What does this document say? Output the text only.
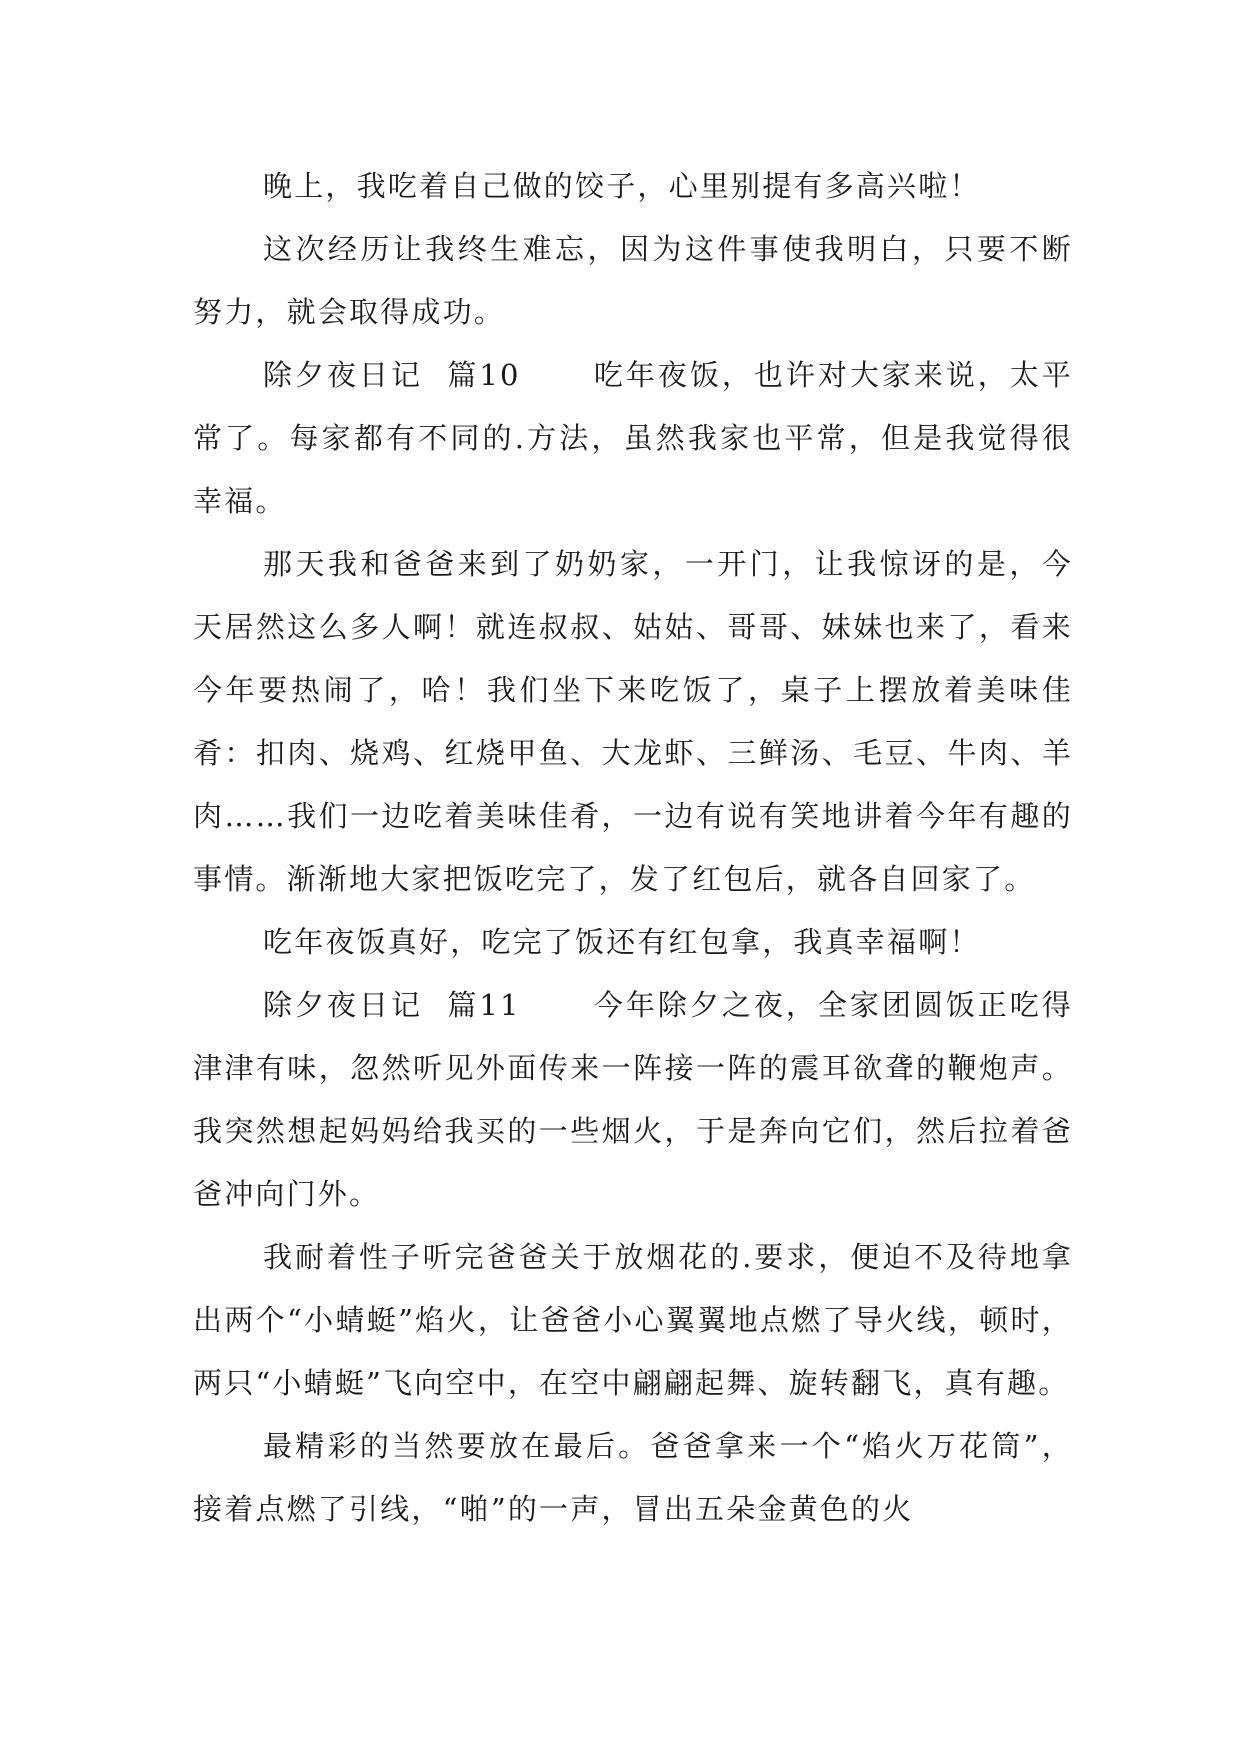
晚上，我吃着自己做的饺子，心里别提有多高兴啦！

这次经历让我终生难忘，因为这件事使我明白，只要不断努力，就会取得成功。

除夕夜日记  篇10      吃年夜饭，也许对大家来说，太平常了。每家都有不同的.方法，虽然我家也平常，但是我觉得很幸福。

那天我和爸爸来到了奶奶家，一开门，让我惊讶的是，今天居然这么多人啊！就连叔叔、姑姑、哥哥、妹妹也来了，看来今年要热闹了，哈！我们坐下来吃饭了，桌子上摆放着美味佳肴：扣肉、烧鸡、红烧甲鱼、大龙虾、三鲜汤、毛豆、牛肉、羊肉……我们一边吃着美味佳肴，一边有说有笑地讲着今年有趣的事情。渐渐地大家把饭吃完了，发了红包后，就各自回家了。

吃年夜饭真好，吃完了饭还有红包拿，我真幸福啊！

除夕夜日记  篇11      今年除夕之夜，全家团圆饭正吃得津津有味，忽然听见外面传来一阵接一阵的震耳欲聋的鞭炮声。我突然想起妈妈给我买的一些烟火，于是奔向它们，然后拉着爸爸冲向门外。

我耐着性子听完爸爸关于放烟花的.要求，便迫不及待地拿出两个“小蜻蜓”焰火，让爸爸小心翼翼地点燃了导火线，顿时，两只“小蜻蜓”飞向空中，在空中翩翩起舞、旋转翻飞，真有趣。

最精彩的当然要放在最后。爸爸拿来一个“焰火万花筒”，接着点燃了引线，“啪”的一声，冒出五朵金黄色的火
